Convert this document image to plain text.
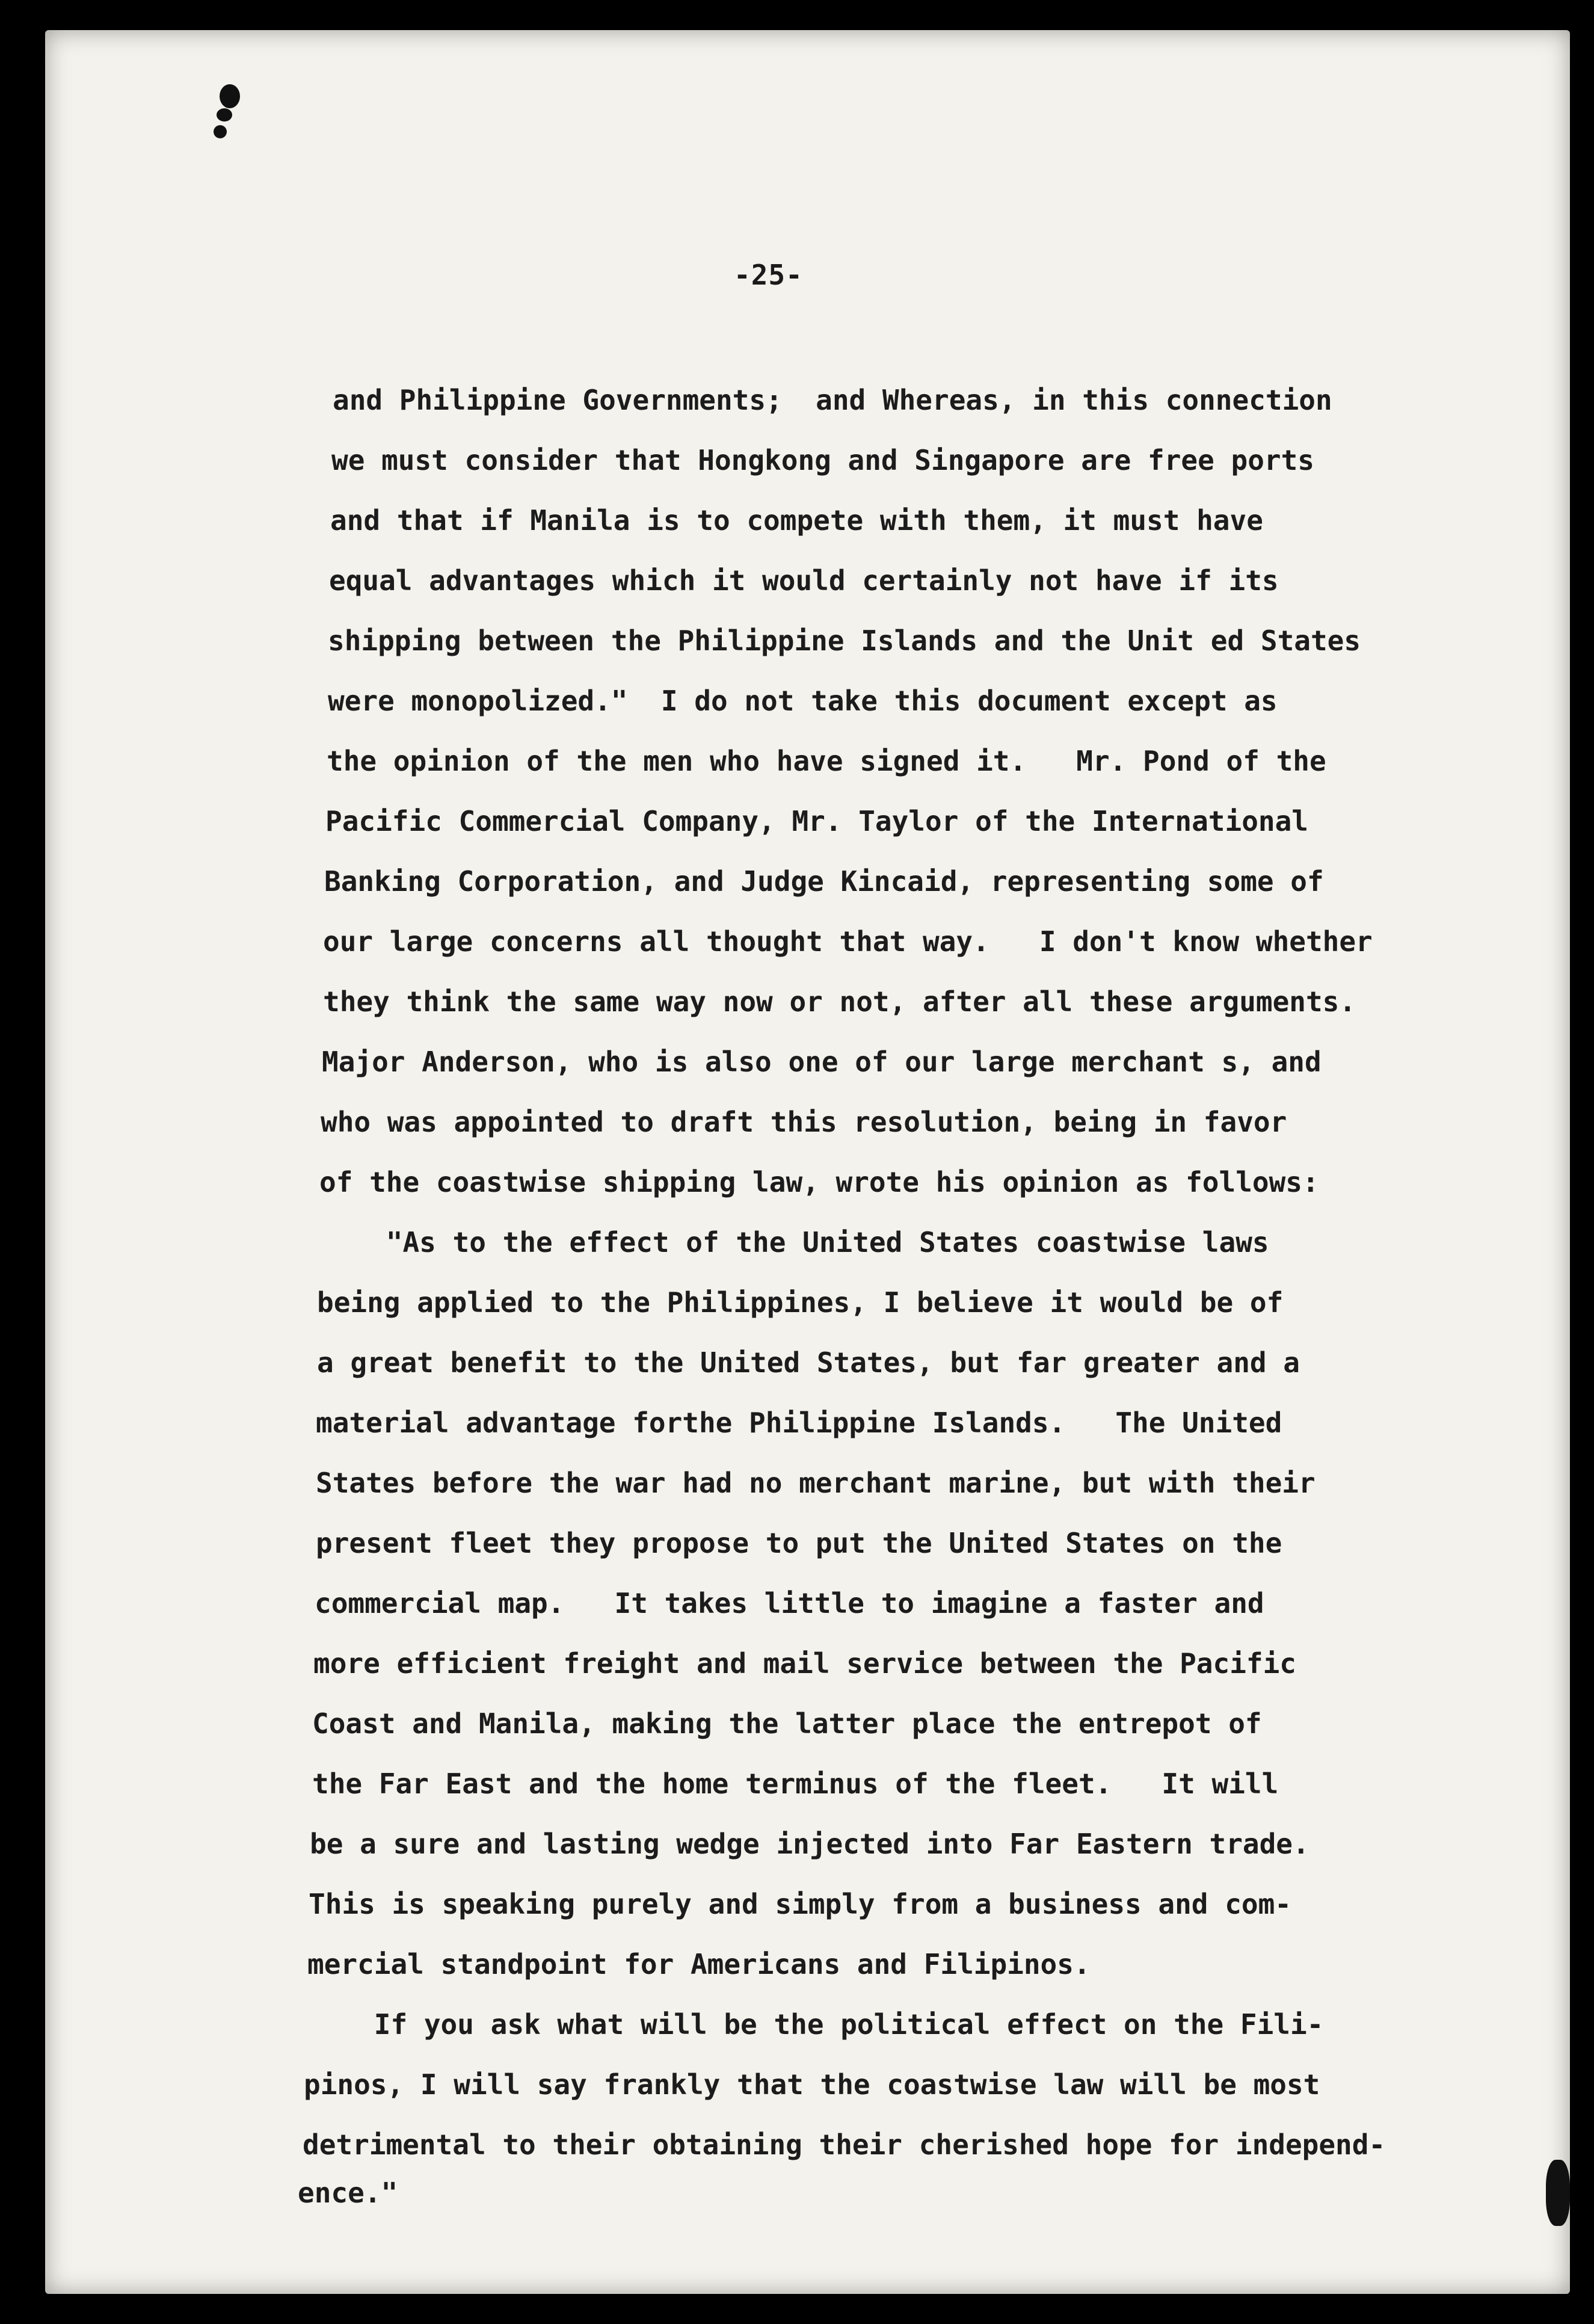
-25-
and Philippine Governments;  and Whereas, in this connection
we must consider that Hongkong and Singapore are free ports
and that if Manila is to compete with them, it must have
equal advantages which it would certainly not have if its
shipping between the Philippine Islands and the Unit ed States
were monopolized."  I do not take this document except as
the opinion of the men who have signed it.   Mr. Pond of the
Pacific Commercial Company, Mr. Taylor of the International
Banking Corporation, and Judge Kincaid, representing some of
our large concerns all thought that way.   I don't know whether
they think the same way now or not, after all these arguments.
Major Anderson, who is also one of our large merchant s, and
who was appointed to draft this resolution, being in favor
of the coastwise shipping law, wrote his opinion as follows:
"As to the effect of the United States coastwise laws
being applied to the Philippines, I believe it would be of
a great benefit to the United States, but far greater and a
material advantage forthe Philippine Islands.   The United
States before the war had no merchant marine, but with their
present fleet they propose to put the United States on the
commercial map.   It takes little to imagine a faster and
more efficient freight and mail service between the Pacific
Coast and Manila, making the latter place the entrepot of
the Far East and the home terminus of the fleet.   It will
be a sure and lasting wedge injected into Far Eastern trade.
This is speaking purely and simply from a business and com-
mercial standpoint for Americans and Filipinos.
If you ask what will be the political effect on the Fili-
pinos, I will say frankly that the coastwise law will be most
detrimental to their obtaining their cherished hope for independ-
ence."
